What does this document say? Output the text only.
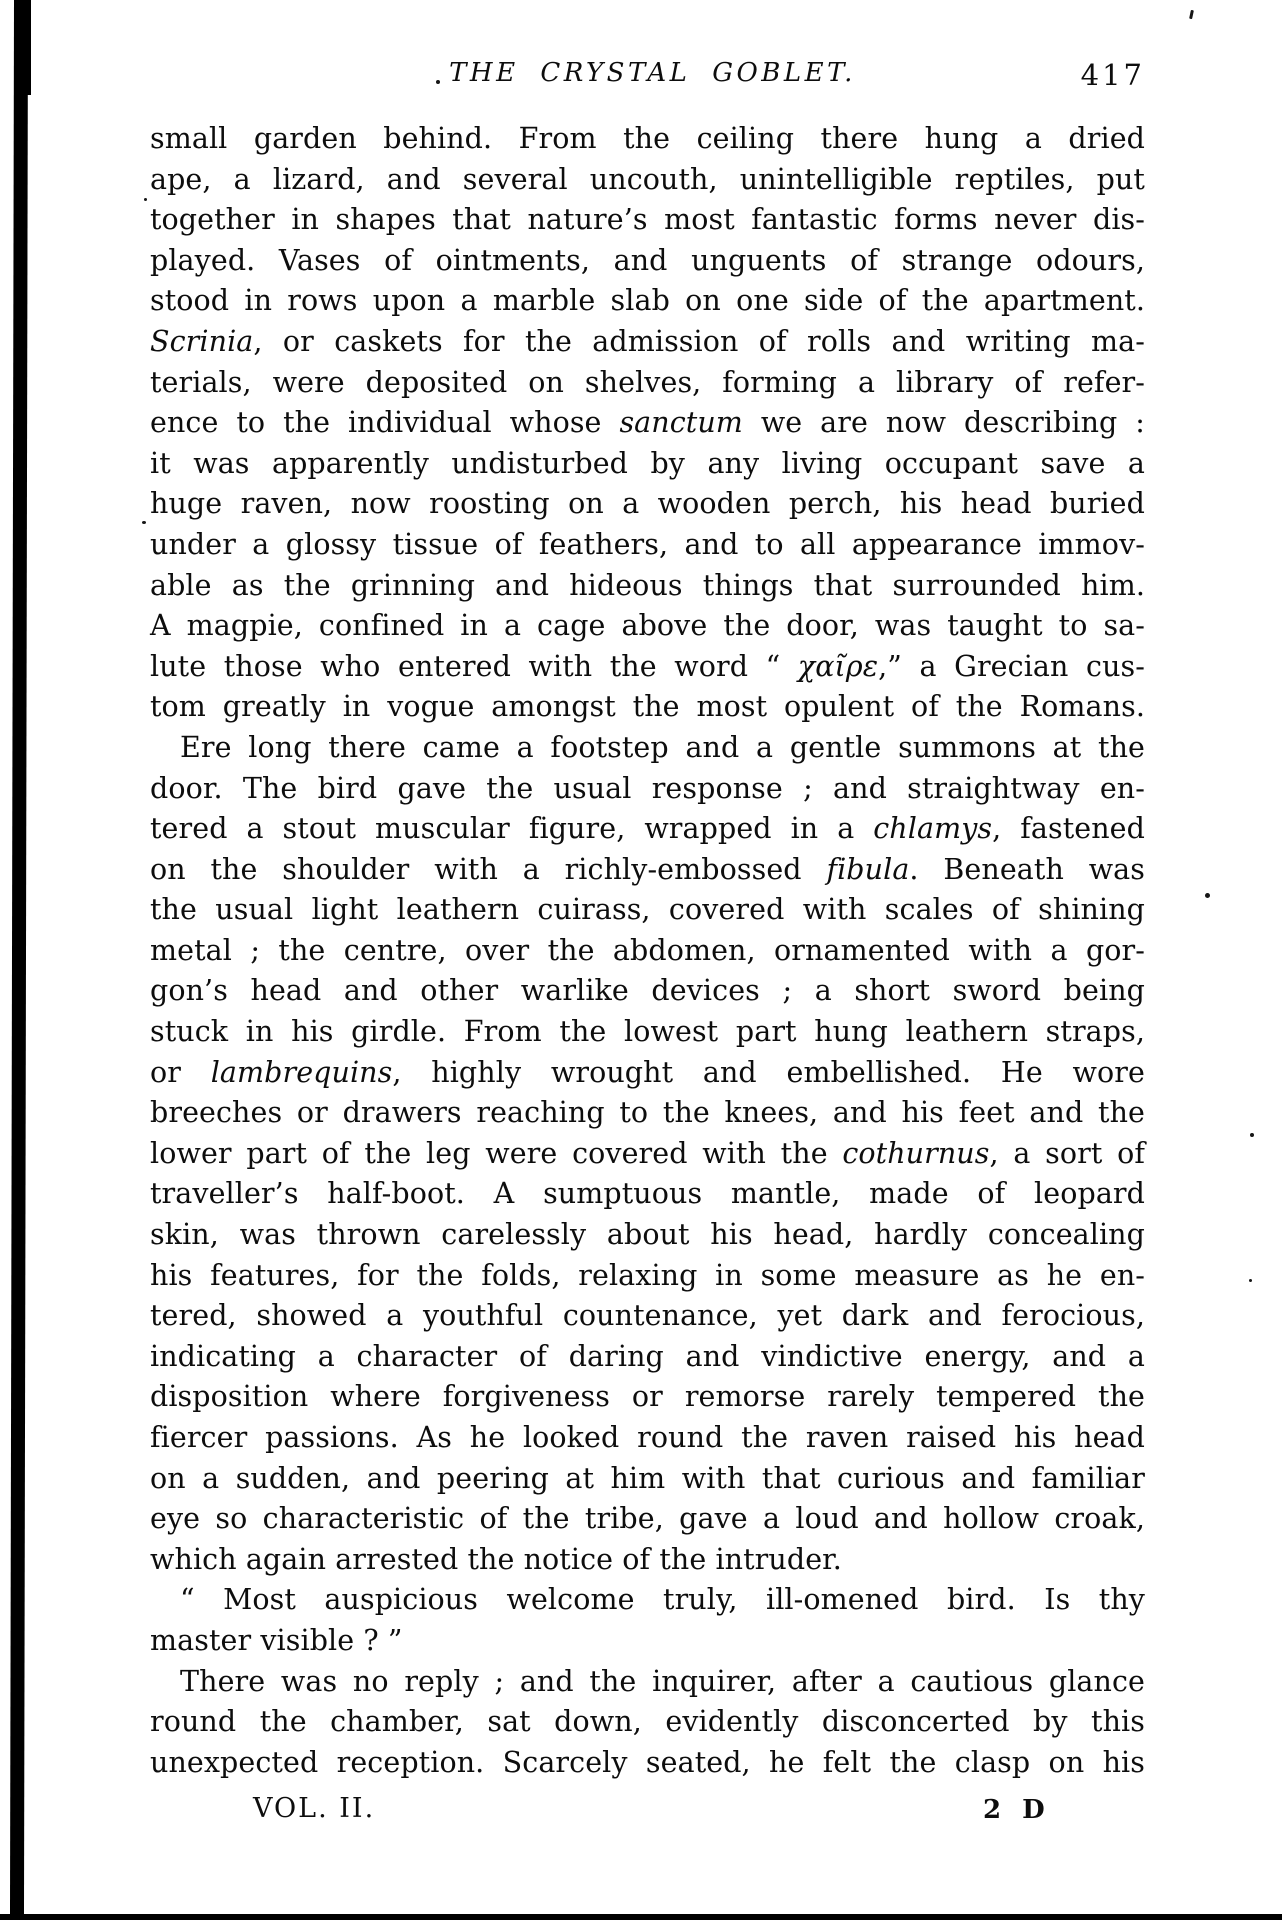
THE CRYSTAL GOBLET.	417
small garden behind. From the ceiling there hung a dried
ape, a lizard, and several uncouth, unintelligible reptiles, put
together in shapes that nature’s most fantastic forms never dis-
played. Vases of ointments, and unguents of strange odours,
stood in rows upon a marble slab on one side of the apartment.
Scrinia, or caskets for the admission of rolls and writing ma-
terials, were deposited on shelves, forming a library of refer-
ence to the individual whose sanctum we are now describing :
it was apparently undisturbed by any living occupant save a
huge raven, now roosting on a wooden perch, his head buried
under a glossy tissue of feathers, and to all appearance immov-
able as the grinning and hideous things that surrounded him.
A magpie, confined in a cage above the door, was taught to sa-
lute those who entered with the word “ χαῖρε,” a Grecian cus-
tom greatly in vogue amongst the most opulent of the Romans.
Ere long there came a footstep and a gentle summons at the
door. The bird gave the usual response ; and straightway en-
tered a stout muscular figure, wrapped in a chlamys, fastened
on the shoulder with a richly-embossed fibula. Beneath was
the usual light leathern cuirass, covered with scales of shining
metal ; the centre, over the abdomen, ornamented with a gor-
gon’s head and other warlike devices ; a short sword being
stuck in his girdle. From the lowest part hung leathern straps,
or lambrequins, highly wrought and embellished. He wore
breeches or drawers reaching to the knees, and his feet and the
lower part of the leg were covered with the cothurnus, a sort of
traveller’s half-boot. A sumptuous mantle, made of leopard
skin, was thrown carelessly about his head, hardly concealing
his features, for the folds, relaxing in some measure as he en-
tered, showed a youthful countenance, yet dark and ferocious,
indicating a character of daring and vindictive energy, and a
disposition where forgiveness or remorse rarely tempered the
fiercer passions. As he looked round the raven raised his head
on a sudden, and peering at him with that curious and familiar
eye so characteristic of the tribe, gave a loud and hollow croak,
which again arrested the notice of the intruder.
“ Most auspicious welcome truly, ill-omened bird. Is thy
master visible ? ”
There was no reply ; and the inquirer, after a cautious glance
round the chamber, sat down, evidently disconcerted by this
unexpected reception. Scarcely seated, he felt the clasp on his
VOL. II.	2 D
